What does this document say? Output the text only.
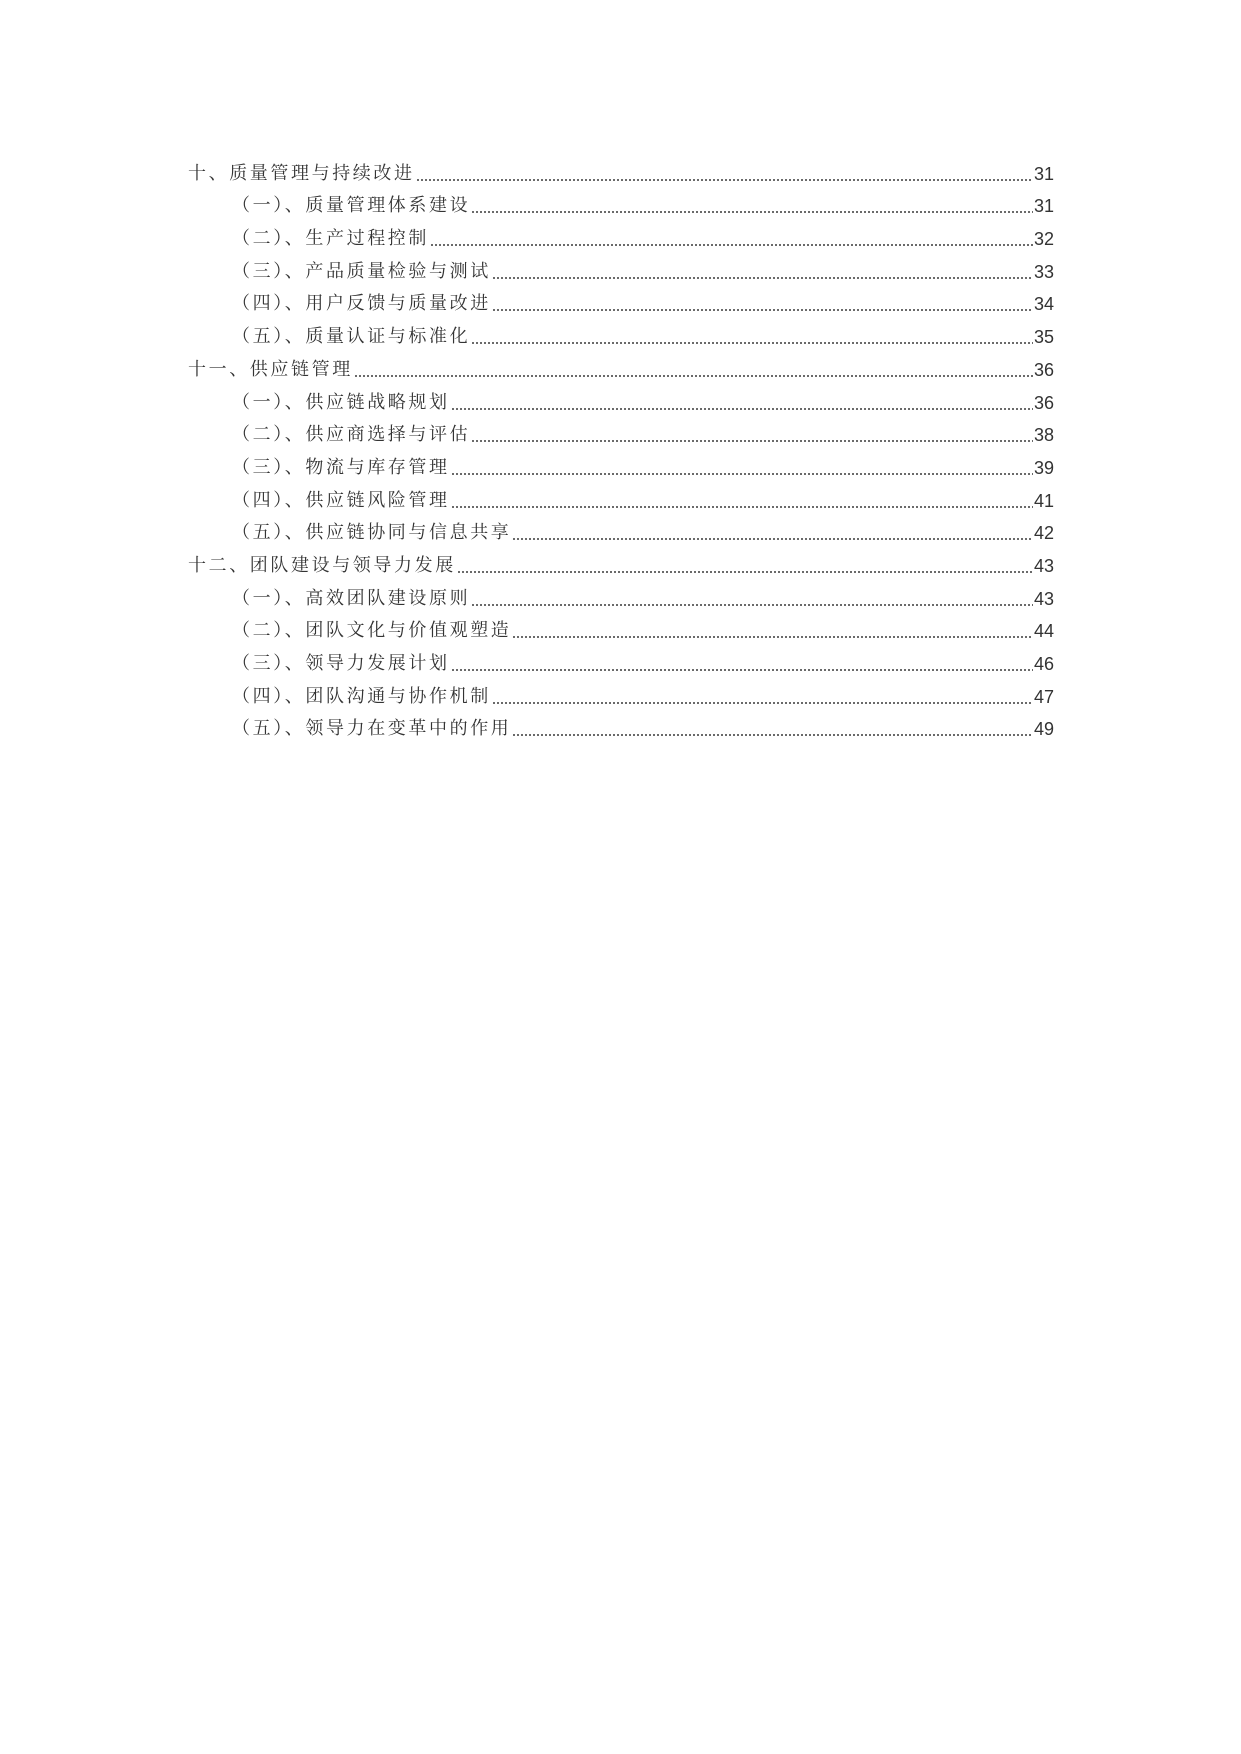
十、质量管理与持续改进	31
（一）、质量管理体系建设	31
（二）、生产过程控制	32
（三）、产品质量检验与测试	33
（四）、用户反馈与质量改进	34
（五）、质量认证与标准化	35
十一、供应链管理	36
（一）、供应链战略规划	36
（二）、供应商选择与评估	38
（三）、物流与库存管理	39
（四）、供应链风险管理	41
（五）、供应链协同与信息共享	42
十二、团队建设与领导力发展	43
（一）、高效团队建设原则	43
（二）、团队文化与价值观塑造	44
（三）、领导力发展计划	46
（四）、团队沟通与协作机制	47
（五）、领导力在变革中的作用	49
